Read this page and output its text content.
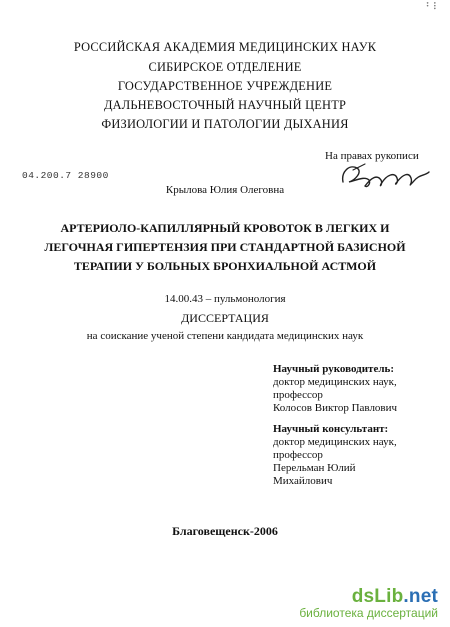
⠃⠇
РОССИЙСКАЯ АКАДЕМИЯ МЕДИЦИНСКИХ НАУК
СИБИРСКОЕ ОТДЕЛЕНИЕ
ГОСУДАРСТВЕННОЕ УЧРЕЖДЕНИЕ
ДАЛЬНЕВОСТОЧНЫЙ НАУЧНЫЙ ЦЕНТР
ФИЗИОЛОГИИ И ПАТОЛОГИИ ДЫХАНИЯ
На правах рукописи
04.200.7 28900
Крылова Юлия Олеговна
АРТЕРИОЛО-КАПИЛЛЯРНЫЙ КРОВОТОК В ЛЕГКИХ И
ЛЕГОЧНАЯ ГИПЕРТЕНЗИЯ ПРИ СТАНДАРТНОЙ БАЗИСНОЙ
ТЕРАПИИ У БОЛЬНЫХ БРОНХИАЛЬНОЙ АСТМОЙ
14.00.43 – пульмонология
ДИССЕРТАЦИЯ
на соискание ученой степени кандидата медицинских наук
Научный руководитель:
доктор медицинских наук,
профессор
Колосов Виктор Павлович
Научный консультант:
доктор медицинских наук,
профессор
Перельман Юлий
Михайлович
Благовещенск-2006
dsLib.net
библиотека диссертаций
